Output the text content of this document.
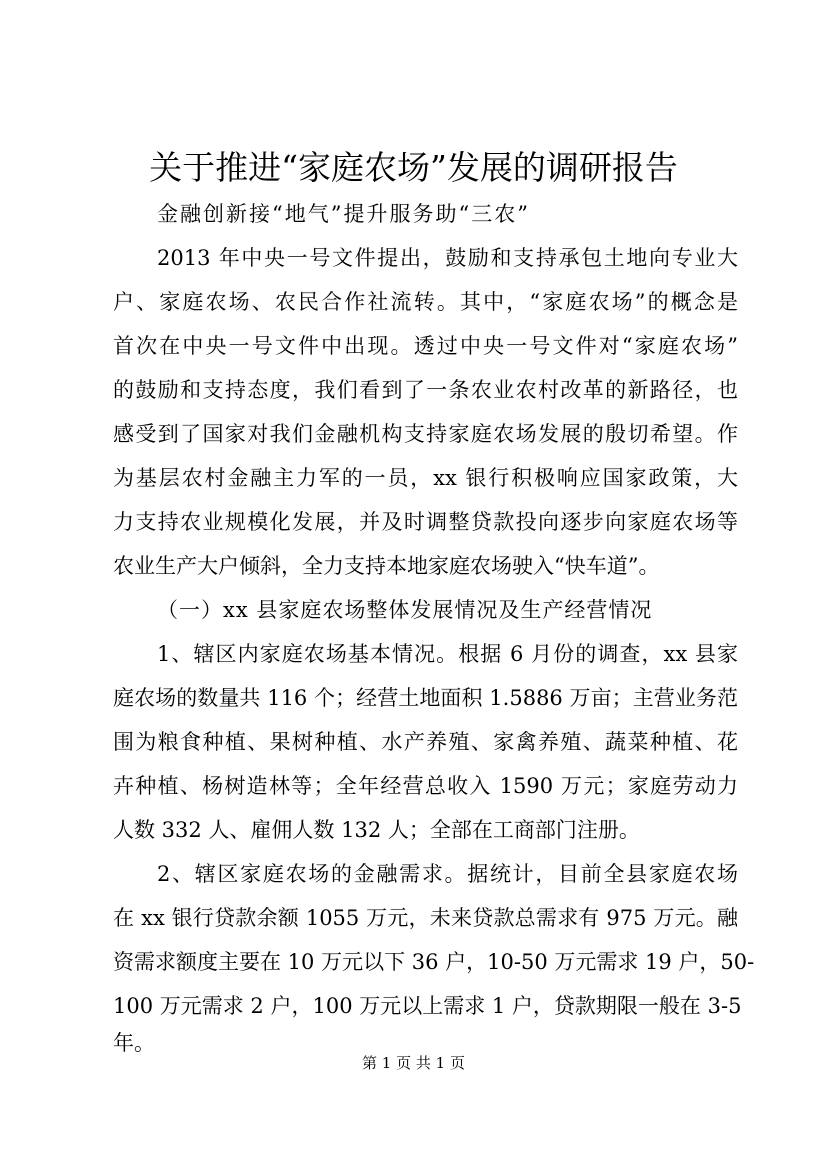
关于推进“家庭农场”发展的调研报告
金融创新接“地气”提升服务助“三农”
2013 年中央一号文件提出，鼓励和支持承包土地向专业大
户、家庭农场、农民合作社流转。其中，“家庭农场”的概念是
首次在中央一号文件中出现。透过中央一号文件对“家庭农场”
的鼓励和支持态度，我们看到了一条农业农村改革的新路径，也
感受到了国家对我们金融机构支持家庭农场发展的殷切希望。作
为基层农村金融主力军的一员，xx 银行积极响应国家政策，大
力支持农业规模化发展，并及时调整贷款投向逐步向家庭农场等
农业生产大户倾斜，全力支持本地家庭农场驶入“快车道”。
（一）xx 县家庭农场整体发展情况及生产经营情况
1、辖区内家庭农场基本情况。根据 6 月份的调查，xx 县家
庭农场的数量共 116 个；经营土地面积 1.5886 万亩；主营业务范
围为粮食种植、果树种植、水产养殖、家禽养殖、蔬菜种植、花
卉种植、杨树造林等；全年经营总收入 1590 万元；家庭劳动力
人数 332 人、雇佣人数 132 人；全部在工商部门注册。
2、辖区家庭农场的金融需求。据统计，目前全县家庭农场
在 xx 银行贷款余额 1055 万元，未来贷款总需求有 975 万元。融
资需求额度主要在 10 万元以下 36 户，10-50 万元需求 19 户，50-
100 万元需求 2 户，100 万元以上需求 1 户，贷款期限一般在 3-5
年。
第 1 页 共 1 页
